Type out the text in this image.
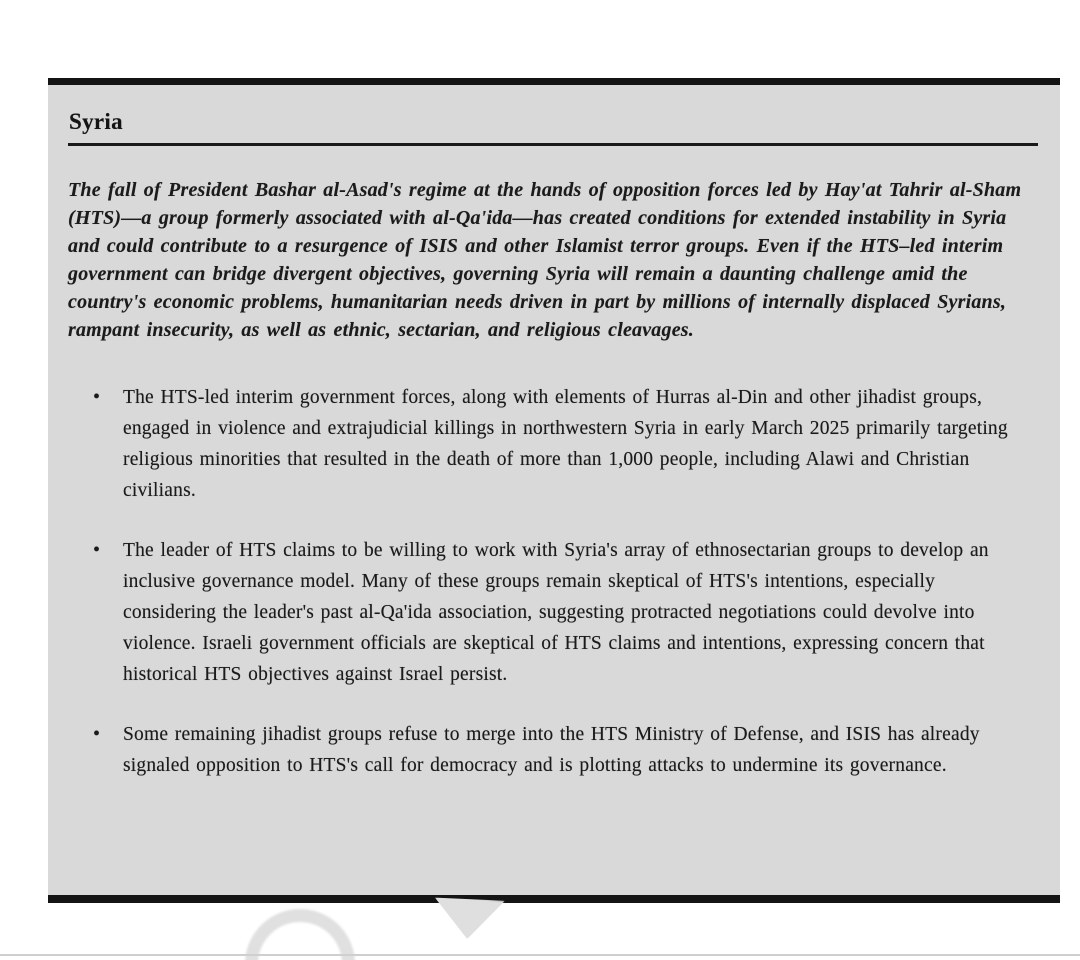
Syria

The fall of President Bashar al-Asad's regime at the hands of opposition forces led by Hay'at Tahrir al-Sham (HTS)—a group formerly associated with al-Qa'ida—has created conditions for extended instability in Syria and could contribute to a resurgence of ISIS and other Islamist terror groups. Even if the HTS–led interim government can bridge divergent objectives, governing Syria will remain a daunting challenge amid the country's economic problems, humanitarian needs driven in part by millions of internally displaced Syrians, rampant insecurity, as well as ethnic, sectarian, and religious cleavages.

• The HTS-led interim government forces, along with elements of Hurras al-Din and other jihadist groups, engaged in violence and extrajudicial killings in northwestern Syria in early March 2025 primarily targeting religious minorities that resulted in the death of more than 1,000 people, including Alawi and Christian civilians.
• The leader of HTS claims to be willing to work with Syria's array of ethnosectarian groups to develop an inclusive governance model. Many of these groups remain skeptical of HTS's intentions, especially considering the leader's past al-Qa'ida association, suggesting protracted negotiations could devolve into violence. Israeli government officials are skeptical of HTS claims and intentions, expressing concern that historical HTS objectives against Israel persist.
• Some remaining jihadist groups refuse to merge into the HTS Ministry of Defense, and ISIS has already signaled opposition to HTS's call for democracy and is plotting attacks to undermine its governance.
